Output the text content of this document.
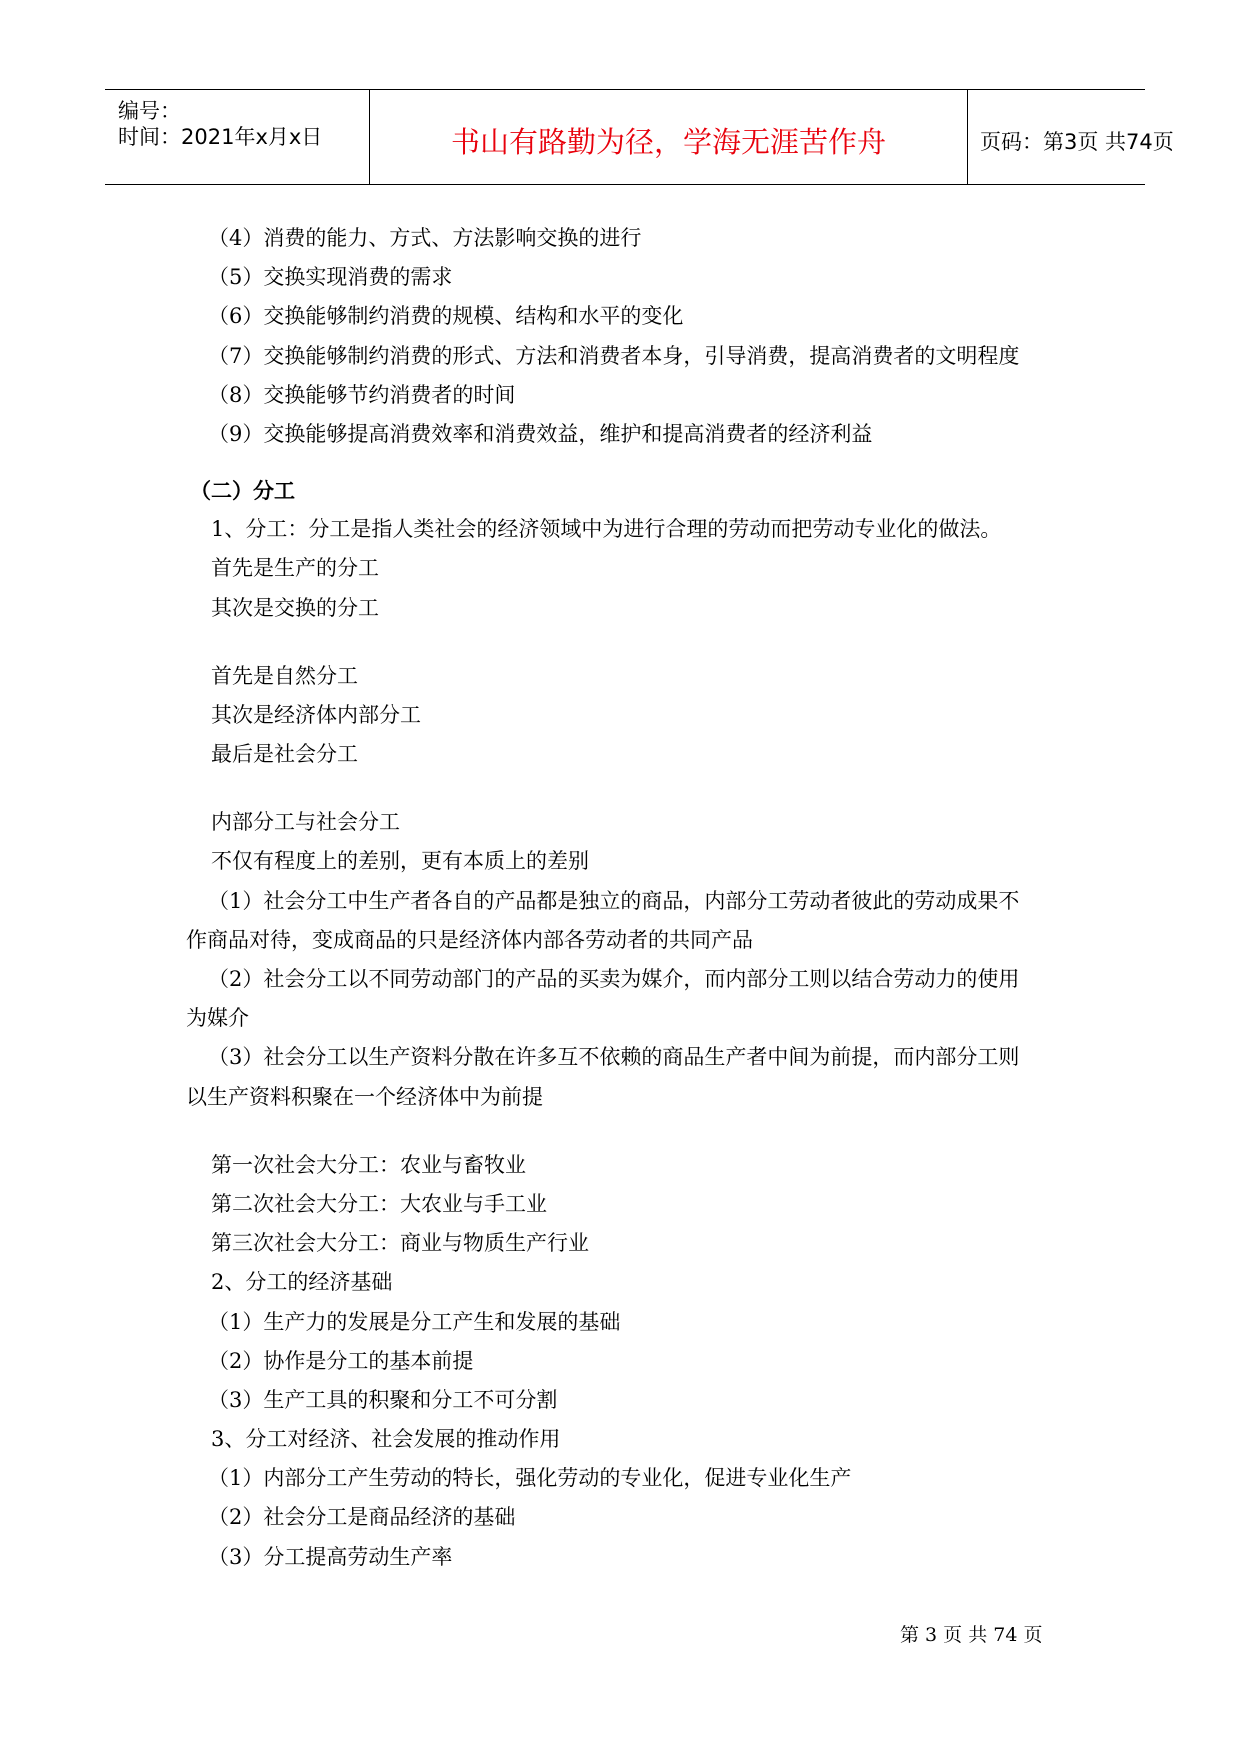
编号：
时间：2021年x月x日	书山有路勤为径，学海无涯苦作舟	页码：第3页 共74页
（4）消费的能力、方式、方法影响交换的进行
（5）交换实现消费的需求
（6）交换能够制约消费的规模、结构和水平的变化
（7）交换能够制约消费的形式、方法和消费者本身，引导消费，提高消费者的文明程度
（8）交换能够节约消费者的时间
（9）交换能够提高消费效率和消费效益，维护和提高消费者的经济利益
（二）分工
1、分工：分工是指人类社会的经济领域中为进行合理的劳动而把劳动专业化的做法。
首先是生产的分工
其次是交换的分工
首先是自然分工
其次是经济体内部分工
最后是社会分工
内部分工与社会分工
不仅有程度上的差别，更有本质上的差别
（1）社会分工中生产者各自的产品都是独立的商品，内部分工劳动者彼此的劳动成果不
作商品对待，变成商品的只是经济体内部各劳动者的共同产品
（2）社会分工以不同劳动部门的产品的买卖为媒介，而内部分工则以结合劳动力的使用
为媒介
（3）社会分工以生产资料分散在许多互不依赖的商品生产者中间为前提，而内部分工则
以生产资料积聚在一个经济体中为前提
第一次社会大分工：农业与畜牧业
第二次社会大分工：大农业与手工业
第三次社会大分工：商业与物质生产行业
2、分工的经济基础
（1）生产力的发展是分工产生和发展的基础
（2）协作是分工的基本前提
（3）生产工具的积聚和分工不可分割
3、分工对经济、社会发展的推动作用
（1）内部分工产生劳动的特长，强化劳动的专业化，促进专业化生产
（2）社会分工是商品经济的基础
（3）分工提高劳动生产率
第 3 页 共 74 页
